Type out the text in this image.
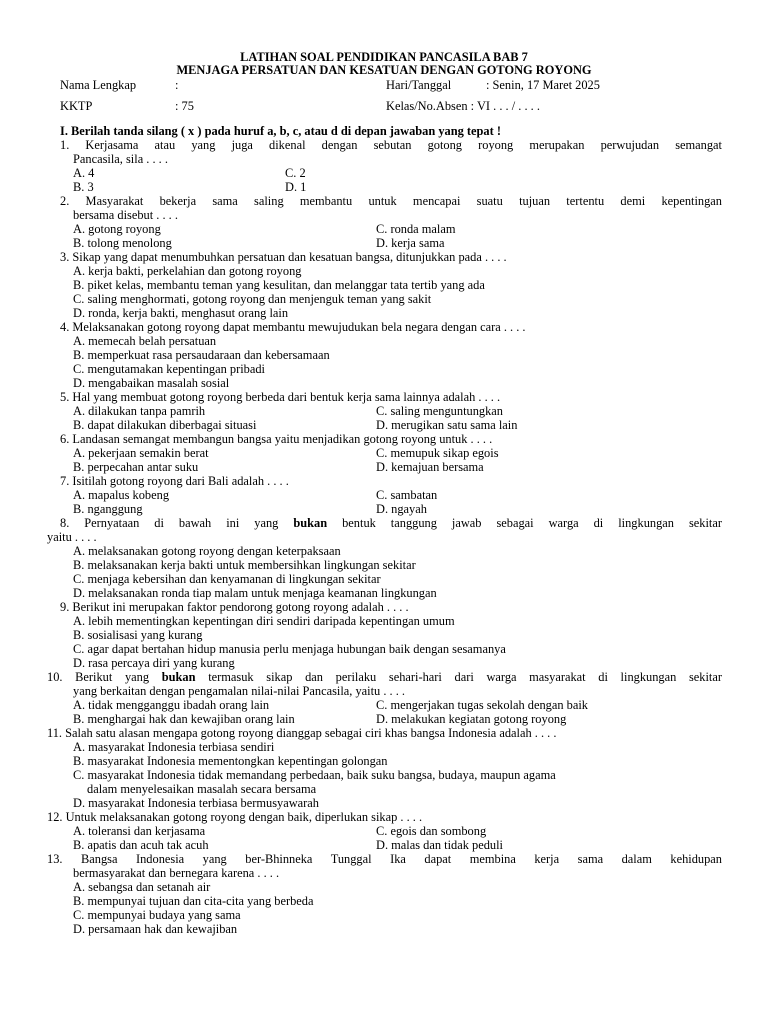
LATIHAN SOAL PENDIDIKAN PANCASILA BAB 7
MENJAGA PERSATUAN DAN KESATUAN DENGAN GOTONG ROYONG
Nama Lengkap	:	Hari/Tanggal	: Senin, 17 Maret 2025
KKTP	: 75	Kelas/No.Absen : VI . . . / . . . .
I. Berilah tanda silang ( x ) pada huruf a, b, c, atau d di depan jawaban yang tepat !
1. Kerjasama atau yang juga dikenal dengan sebutan gotong royong merupakan perwujudan semangat
Pancasila, sila . . . .
A. 4	C. 2
B. 3	D. 1
2. Masyarakat bekerja sama saling membantu untuk mencapai suatu tujuan tertentu demi kepentingan
bersama disebut . . . .
A. gotong royong	C. ronda malam
B. tolong menolong	D. kerja sama
3. Sikap yang dapat menumbuhkan persatuan dan kesatuan bangsa, ditunjukkan pada . . . .
A. kerja bakti, perkelahian dan gotong royong
B. piket kelas, membantu teman yang kesulitan, dan melanggar tata tertib yang ada
C. saling menghormati, gotong royong dan menjenguk teman yang sakit
D. ronda, kerja bakti, menghasut orang lain
4. Melaksanakan gotong royong dapat membantu mewujudukan bela negara dengan cara . . . .
A. memecah belah persatuan
B. memperkuat rasa persaudaraan dan kebersamaan
C. mengutamakan kepentingan pribadi
D. mengabaikan masalah sosial
5. Hal yang membuat gotong royong berbeda dari bentuk kerja sama lainnya adalah . . . .
A. dilakukan tanpa pamrih	C. saling menguntungkan
B. dapat dilakukan diberbagai situasi	D. merugikan satu sama lain
6. Landasan semangat membangun bangsa yaitu menjadikan gotong royong untuk . . . .
A. pekerjaan semakin berat	C. memupuk sikap egois
B. perpecahan antar suku	D. kemajuan bersama
7. Isitilah gotong royong dari Bali adalah . . . .
A. mapalus kobeng	C. sambatan
B. nganggung	D. ngayah
8. Pernyataan di bawah ini yang bukan bentuk tanggung jawab sebagai warga di lingkungan sekitar
yaitu . . . .
A. melaksanakan gotong royong dengan keterpaksaan
B. melaksanakan kerja bakti untuk membersihkan lingkungan sekitar
C. menjaga kebersihan dan kenyamanan di lingkungan sekitar
D. melaksanakan ronda tiap malam untuk menjaga keamanan lingkungan
9. Berikut ini merupakan faktor pendorong gotong royong adalah . . . .
A. lebih mementingkan kepentingan diri sendiri daripada kepentingan umum
B. sosialisasi yang kurang
C. agar dapat bertahan hidup manusia perlu menjaga hubungan baik dengan sesamanya
D. rasa percaya diri yang kurang
10. Berikut yang bukan termasuk sikap dan perilaku sehari-hari dari warga masyarakat di lingkungan sekitar
yang berkaitan dengan pengamalan nilai-nilai Pancasila, yaitu . . . .
A. tidak mengganggu ibadah orang lain	C. mengerjakan tugas sekolah dengan baik
B. menghargai hak dan kewajiban orang lain	D. melakukan kegiatan gotong royong
11. Salah satu alasan mengapa gotong royong dianggap sebagai ciri khas bangsa Indonesia adalah . . . .
A. masyarakat Indonesia terbiasa sendiri
B. masyarakat Indonesia mementongkan kepentingan golongan
C. masyarakat Indonesia tidak memandang perbedaan, baik suku bangsa, budaya, maupun agama
dalam menyelesaikan masalah secara bersama
D. masyarakat Indonesia terbiasa bermusyawarah
12. Untuk melaksanakan gotong royong dengan baik, diperlukan sikap . . . .
A. toleransi dan kerjasama	C. egois dan sombong
B. apatis dan acuh tak acuh	D. malas dan tidak peduli
13. Bangsa Indonesia yang ber-Bhinneka Tunggal Ika dapat membina kerja sama dalam kehidupan
bermasyarakat dan bernegara karena . . . .
A. sebangsa dan setanah air
B. mempunyai tujuan dan cita-cita yang berbeda
C. mempunyai budaya yang sama
D. persamaan hak dan kewajiban
